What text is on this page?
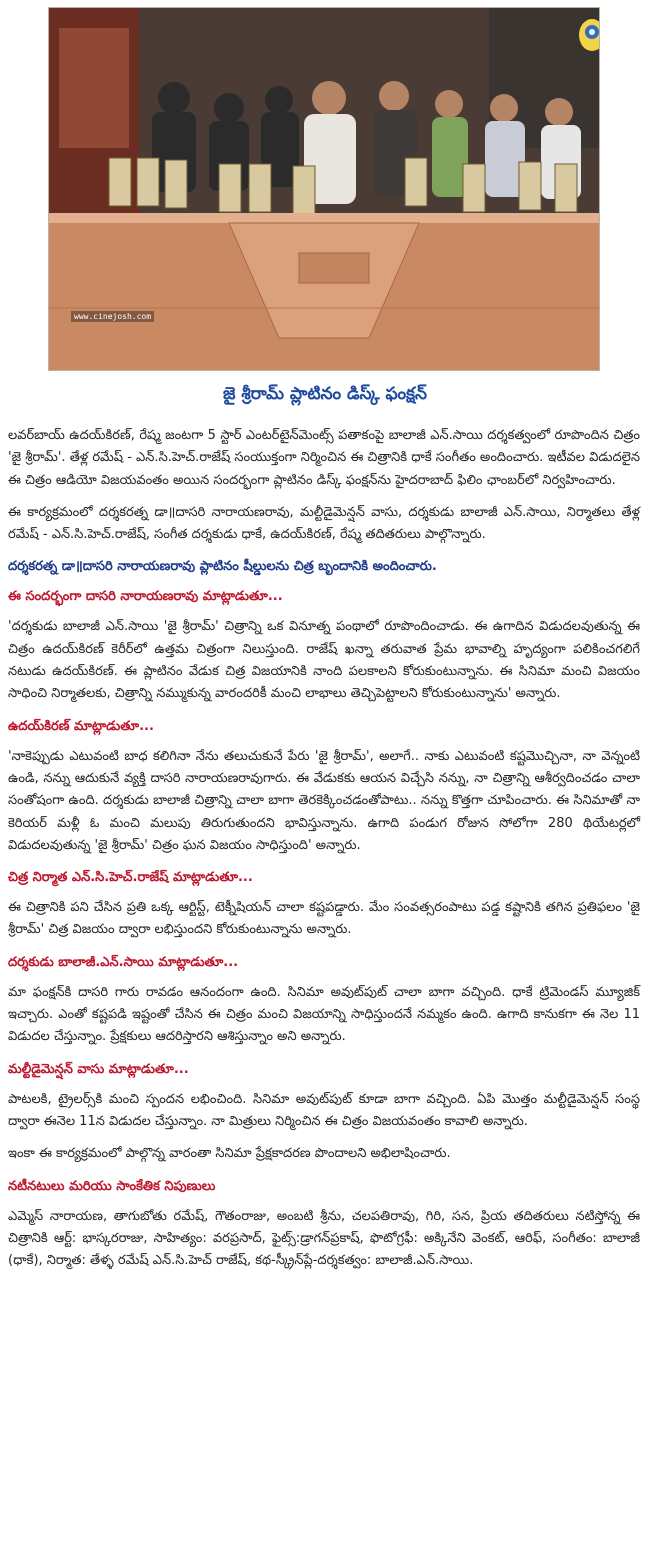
www.cinejosh.com
జై శ్రీరామ్ ప్లాటినం డిస్క్ ఫంక్షన్

లవర్‌బాయ్ ఉదయ్‌కిరణ్, రేష్మ జంటగా 5 స్టార్ ఎంటర్‌టైన్‌మెంట్స్ పతాకంపై బాలాజీ ఎన్.సాయి దర్శకత్వంలో రూపొందిన చిత్రం 'జై శ్రీరామ్'. తేళ్ల రమేష్ - ఎన్.సి.హెచ్.రాజేష్ సంయుక్తంగా నిర్మించిన ఈ చిత్రానికి ధాకే సంగీతం అందించారు. ఇటీవల విడుదలైన ఈ చిత్రం ఆడియో విజయవంతం అయిన సందర్భంగా ప్లాటినం డిస్క్ ఫంక్షన్‌ను హైదరాబాద్ ఫిలిం ఛాంబర్‌లో నిర్వహించారు.

ఈ కార్యక్రమంలో దర్శకరత్న డా॥దాసరి నారాయణరావు, మల్టీడైమెన్షన్ వాసు, దర్శకుడు బాలాజీ ఎన్.సాయి, నిర్మాతలు తేళ్ల రమేష్ - ఎన్.సి.హెచ్.రాజేష్, సంగీత దర్శకుడు ధాకే, ఉదయ్‌కిరణ్, రేష్మ తదితరులు పాల్గొన్నారు.

దర్శకరత్న డా॥దాసరి నారాయణరావు ప్లాటినం షీల్డులను చిత్ర బృందానికి అందించారు.
ఈ సందర్భంగా దాసరి నారాయణరావు మాట్లాడుతూ...

'దర్శకుడు బాలాజీ ఎన్.సాయి 'జై శ్రీరామ్' చిత్రాన్ని ఒక వినూత్న పంథాలో రూపొందించాడు. ఈ ఉగాదిన విడుదలవుతున్న ఈ చిత్రం ఉదయ్‌కిరణ్ కెరీర్‌లో ఉత్తమ చిత్రంగా నిలుస్తుంది. రాజేష్ ఖన్నా తరువాత ప్రేమ భావాల్ని హృద్యంగా పలికించగలిగే నటుడు ఉదయ్‌కిరణ్. ఈ ప్లాటినం వేడుక చిత్ర విజయానికి నాంది పలకాలని కోరుకుంటున్నాను. ఈ సినిమా మంచి విజయం సాధించి నిర్మాతలకు, చిత్రాన్ని నమ్ముకున్న వారందరికీ మంచి లాభాలు తెచ్చిపెట్టాలని కోరుకుంటున్నాను' అన్నారు.

ఉదయ్‌కిరణ్ మాట్లాడుతూ...

'నాకెప్పుడు ఎటువంటి బాధ కలిగినా నేను తలుచుకునే పేరు 'జై శ్రీరామ్', అలాగే.. నాకు ఎటువంటి కష్టమొచ్చినా, నా వెన్నంటి ఉండి, నన్ను ఆదుకునే వ్యక్తి దాసరి నారాయణరావుగారు. ఈ వేడుకకు ఆయన విచ్చేసి నన్ను, నా చిత్రాన్ని ఆశీర్వదించడం చాలా సంతోషంగా ఉంది. దర్శకుడు బాలాజీ చిత్రాన్ని చాలా బాగా తెరకెక్కించడంతోపాటు.. నన్ను కొత్తగా చూపించారు. ఈ సినిమాతో నా కెరియర్ మళ్లీ ఓ మంచి మలుపు తిరుగుతుందని భావిస్తున్నాను. ఉగాది పండుగ రోజున సోలోగా 280 థియేటర్లలో విడుదలవుతున్న 'జై శ్రీరామ్' చిత్రం ఘన విజయం సాధిస్తుంది' అన్నారు.

చిత్ర నిర్మాత ఎన్.సి.హెచ్.రాజేష్ మాట్లాడుతూ...

ఈ చిత్రానికి పని చేసిన ప్రతి ఒక్క ఆర్టిస్ట్, టెక్నీషియన్ చాలా కష్టపడ్డారు. మేం సంవత్సరంపాటు పడ్డ కష్టానికి తగిన ప్రతిఫలం 'జై శ్రీరామ్' చిత్ర విజయం ద్వారా లభిస్తుందని కోరుకుంటున్నాను అన్నారు.

దర్శకుడు బాలాజీ.ఎన్.సాయి మాట్లాడుతూ...

మా ఫంక్షన్‌కి దాసరి గారు రావడం ఆనందంగా ఉంది. సినిమా అవుట్‌పుట్ చాలా బాగా వచ్చింది. ధాకే ట్రిమెండస్ మ్యూజిక్ ఇచ్చారు. ఎంతో కష్టపడి ఇష్టంతో చేసిన ఈ చిత్రం మంచి విజయాన్ని సాధిస్తుందనే నమ్మకం ఉంది. ఉగాది కానుకగా ఈ నెల 11 విడుదల చేస్తున్నాం. ప్రేక్షకులు ఆదరిస్తారని ఆశిస్తున్నాం అని అన్నారు.

మల్టీడైమెన్షన్ వాసు మాట్లాడుతూ...

పాటలకి, ట్రైలర్స్‌కి మంచి స్పందన లభించింది. సినిమా అవుట్‌పుట్ కూడా బాగా వచ్చింది. ఏపి మొత్తం మల్టీడైమెన్షన్ సంస్థ ద్వారా ఈనెల 11న విడుదల చేస్తున్నాం. నా మిత్రులు నిర్మించిన ఈ చిత్రం విజయవంతం కావాలి అన్నారు.

ఇంకా ఈ కార్యక్రమంలో పాల్గొన్న వారంతా సినిమా ప్రేక్షకాదరణ పొందాలని అభిలాషించారు.

నటీనటులు మరియు సాంకేతిక నిపుణులు

ఎమ్మెస్ నారాయణ, తాగుబోతు రమేష్, గౌతంరాజు, అంబటి శ్రీను, చలపతిరావు, గిరి, సన, ప్రియ తదితరులు నటిస్తోన్న ఈ చిత్రానికి ఆర్ట్: భాస్కరరాజు, సాహిత్యం: వరప్రసాద్, ఫైట్స్:డ్రాగన్‌ప్రకాష్, ఫొటోగ్రఫీ: అక్కినేని వెంకట్, ఆరిఫ్, సంగీతం: బాలాజీ (ధాకే), నిర్మాత: తేళ్ళ రమేష్ ఎన్.సి.హెచ్ రాజేష్, కథ-స్క్రీన్‌ప్లే-దర్శకత్వం: బాలాజీ.ఎన్.సాయి.
